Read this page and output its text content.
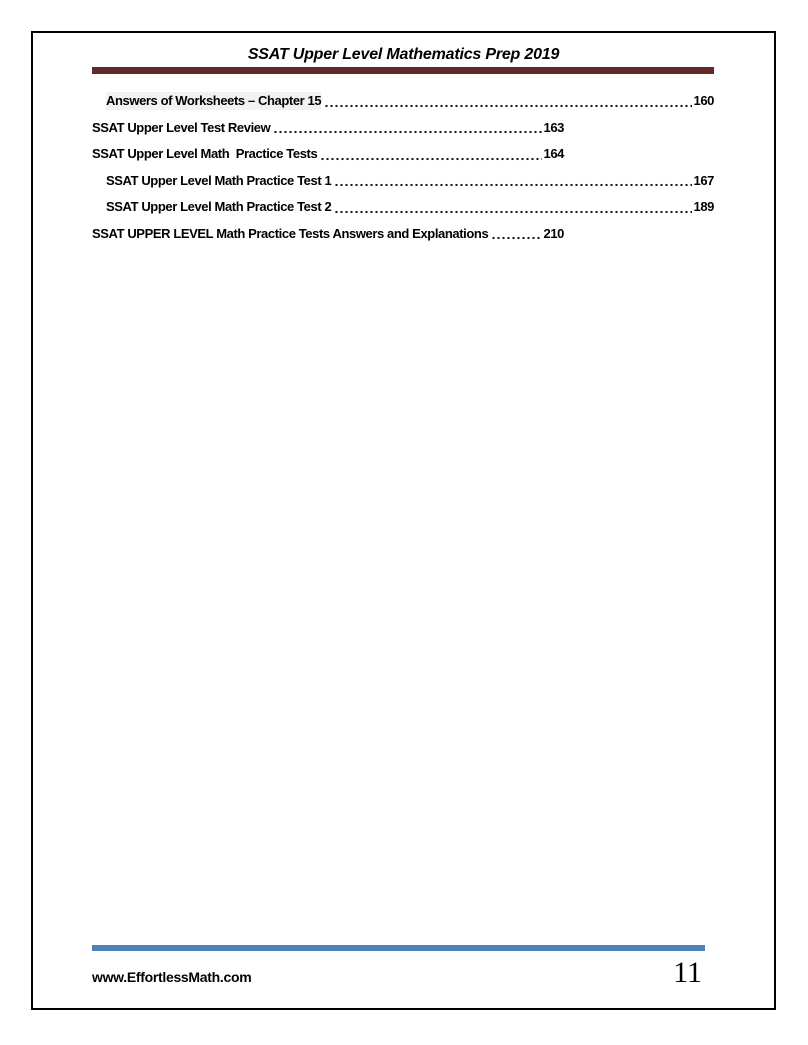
SSAT Upper Level Mathematics Prep 2019
Answers of Worksheets – Chapter 15	160
SSAT Upper Level Test Review	163
SSAT Upper Level Math  Practice Tests	164
SSAT Upper Level Math Practice Test 1	167
SSAT Upper Level Math Practice Test 2	189
SSAT UPPER LEVEL Math Practice Tests Answers and Explanations	210
www.EffortlessMath.com	11
